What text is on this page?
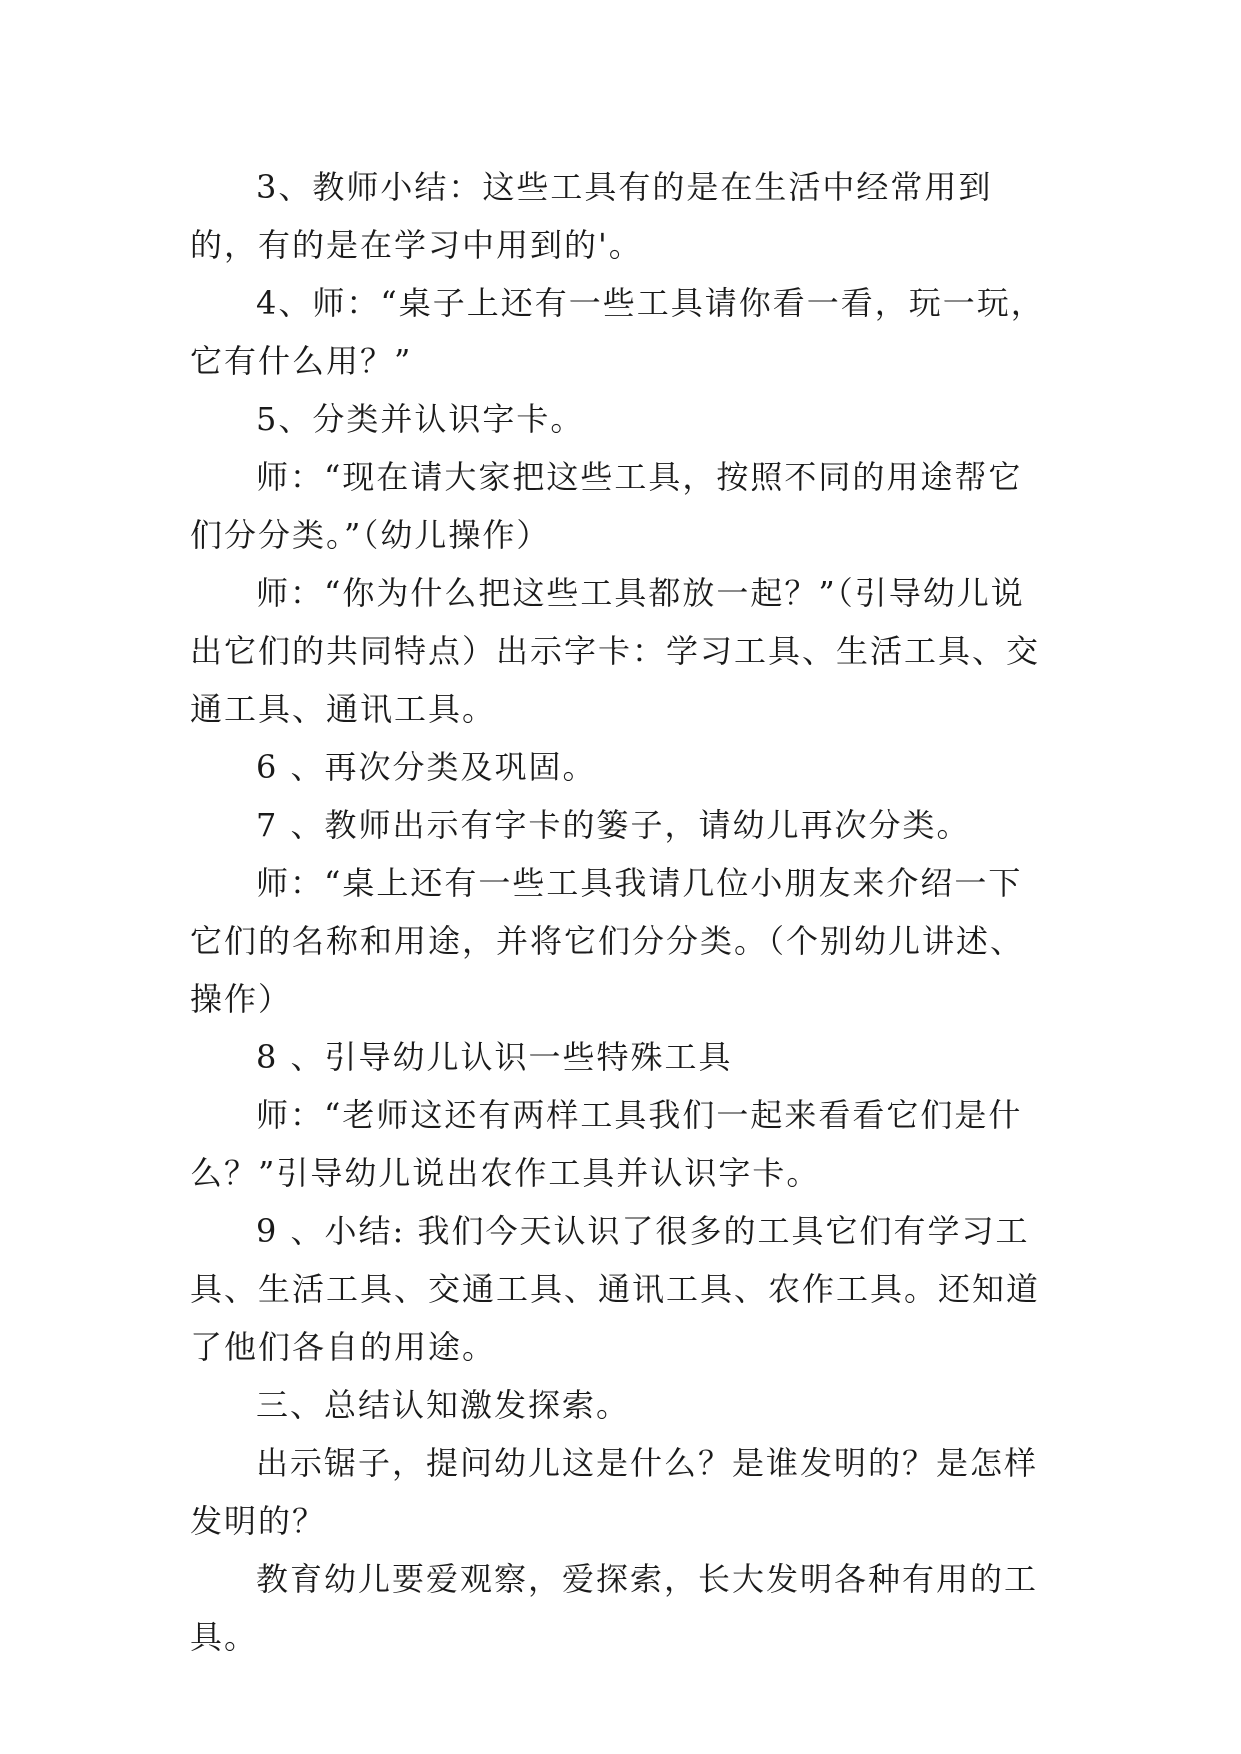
3、教师小结：这些工具有的是在生活中经常用到的，有的是在学习中用到的'。

4、师：“桌子上还有一些工具请你看一看，玩一玩，它有什么用？”

5、分类并认识字卡。

师：“现在请大家把这些工具，按照不同的用途帮它们分分类。”（幼儿操作）

师：“你为什么把这些工具都放一起？”（引导幼儿说出它们的共同特点）出示字卡：学习工具、生活工具、交通工具、通讯工具。

6 、再次分类及巩固。

7 、教师出示有字卡的篓子，请幼儿再次分类。

师：“桌上还有一些工具我请几位小朋友来介绍一下它们的名称和用途，并将它们分分类。（个别幼儿讲述、操作）

8 、引导幼儿认识一些特殊工具

师：“老师这还有两样工具我们一起来看看它们是什么？”引导幼儿说出农作工具并认识字卡。

9 、小结: 我们今天认识了很多的工具它们有学习工具、生活工具、交通工具、通讯工具、农作工具。还知道了他们各自的用途。

三、总结认知激发探索。

出示锯子，提问幼儿这是什么？是谁发明的？是怎样发明的？

教育幼儿要爱观察，爱探索，长大发明各种有用的工具。
